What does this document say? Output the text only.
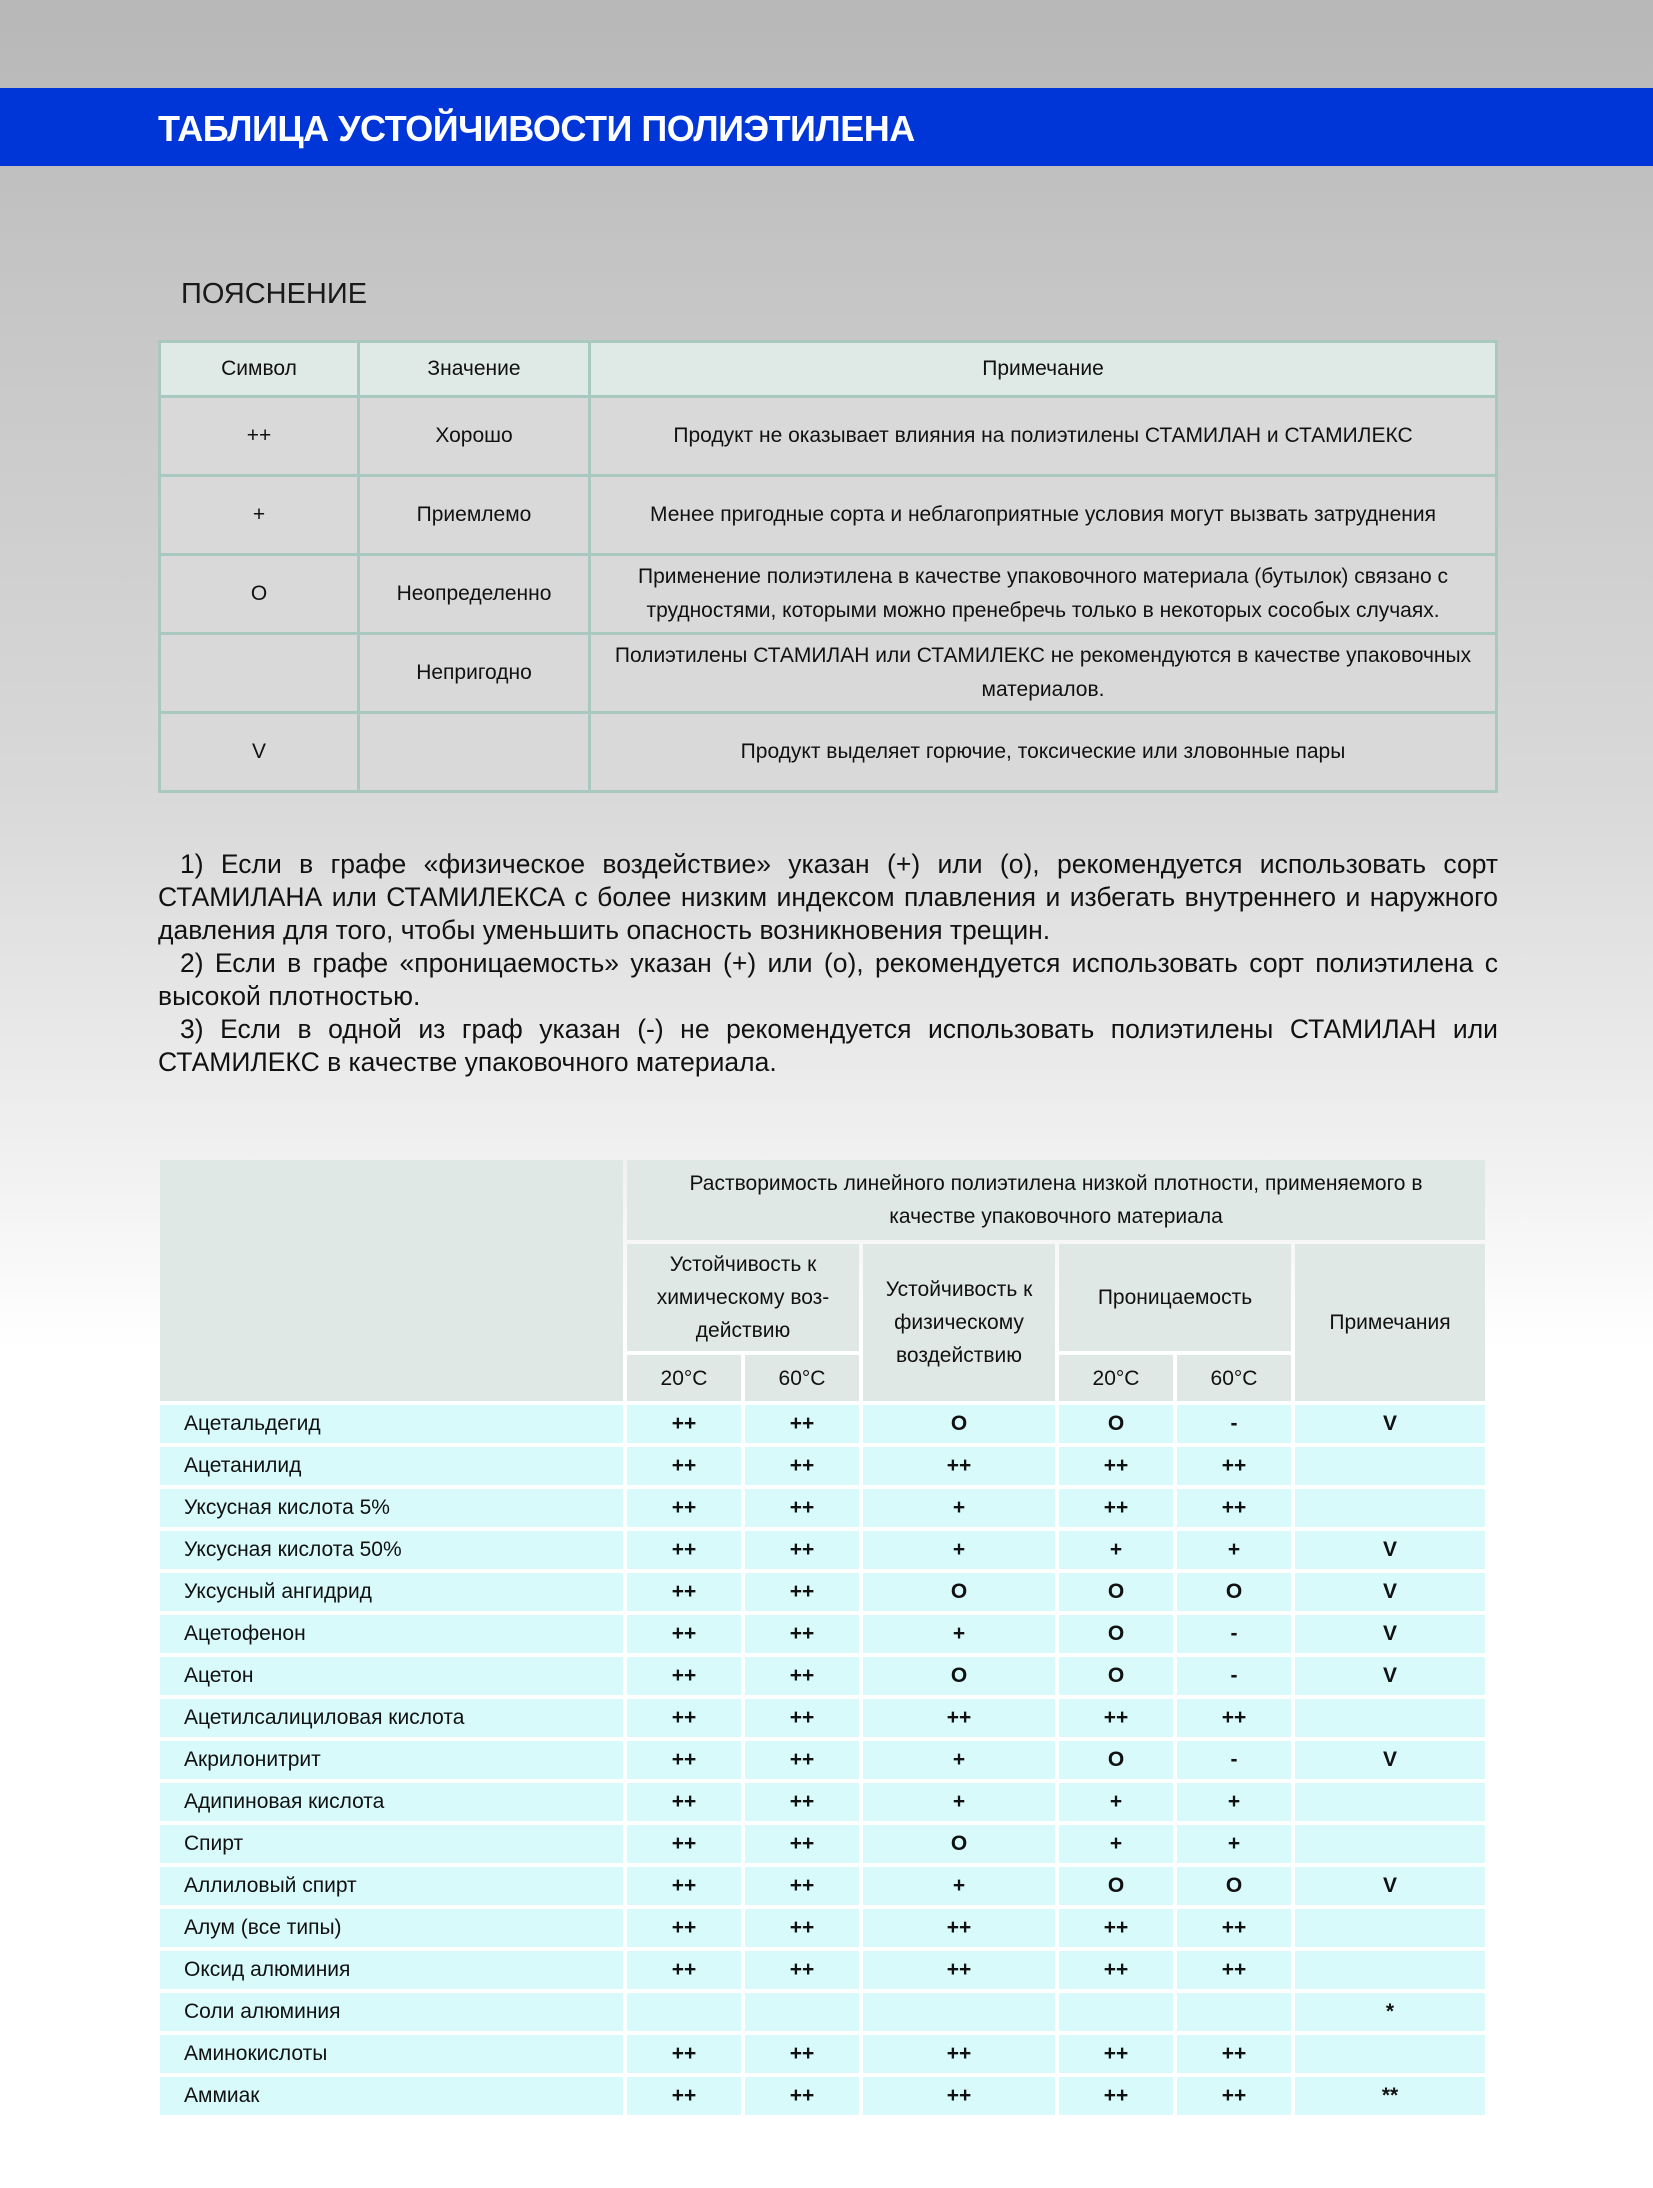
ТАБЛИЦА УСТОЙЧИВОСТИ ПОЛИЭТИЛЕНА
ПОЯСНЕНИЕ
Символ	Значение	Примечание
++	Хорошо	Продукт не оказывает влияния на полиэтилены СТАМИЛАН и СТАМИЛЕКС
+	Приемлемо	Менее пригодные сорта и неблагоприятные условия могут вызвать затруднения
О	Неопределенно	Применение полиэтилена в качестве упаковочного материала (бутылок) связано с трудностями, которыми можно пренебречь только в некоторых сособых случаях.
	Непригодно	Полиэтилены СТАМИЛАН или СТАМИЛЕКС не рекомендуются в качестве упаковочных материалов.
V		Продукт выделяет горючие, токсические или зловонные пары

1) Если в графе «физическое воздействие» указан (+) или (о), рекомендуется использовать сорт СТАМИЛАНА или СТАМИЛЕКСА с более низким индексом плавления и избегать внутреннего и наружного давления для того, чтобы уменьшить опасность возникновения трещин.

2) Если в графе «проницаемость» указан (+) или (о), рекомендуется использовать сорт полиэтилена с высокой плотностью.

3) Если в одной из граф указан (-) не рекомендуется использовать полиэтилены СТАМИЛАН или СТАМИЛЕКС в качестве упаковочного материала.

	Растворимость линейного полиэтилена низкой плотности, применяемого в качестве упаковочного материала					
	Устойчивость к химическому воз-действию		Устойчивость к физическому воздействию	Проницаемость		Примечания
	20°C	60°C		20°C	60°C	
Ацетальдегид	++	++	О	О	-	V
Ацетанилид	++	++	++	++	++	
Уксусная кислота 5%	++	++	+	++	++	
Уксусная кислота 50%	++	++	+	+	+	V
Уксусный ангидрид	++	++	О	О	О	V
Ацетофенон	++	++	+	О	-	V
Ацетон	++	++	О	О	-	V
Ацетилсалициловая кислота	++	++	++	++	++	
Акрилонитрит	++	++	+	О	-	V
Адипиновая кислота	++	++	+	+	+	
Спирт	++	++	О	+	+	
Аллиловый спирт	++	++	+	О	О	V
Алум (все типы)	++	++	++	++	++	
Оксид алюминия	++	++	++	++	++	
Соли алюминия						*
Аминокислоты	++	++	++	++	++	
Аммиак	++	++	++	++	++	**
